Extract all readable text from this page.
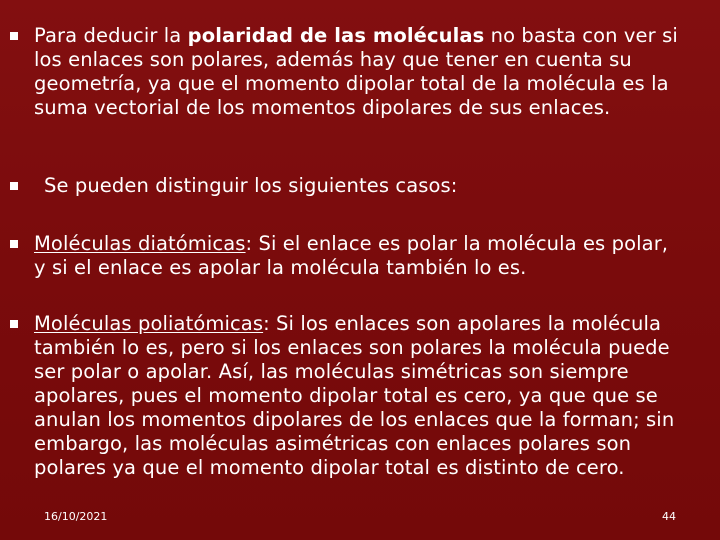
Para deducir la polaridad de las moléculas no basta con ver si los enlaces son polares, además hay que tener en cuenta su geometría, ya que el momento dipolar total de la molécula es la suma vectorial de los momentos dipolares de sus enlaces.
Se pueden distinguir los siguientes casos:
Moléculas diatómicas: Si el enlace es polar la molécula es polar, y si el enlace es apolar la molécula también lo es.
Moléculas poliatómicas: Si los enlaces son apolares la molécula también lo es, pero si los enlaces son polares la molécula puede ser polar o apolar. Así, las moléculas simétricas son siempre apolares, pues el momento dipolar total es cero, ya que que se anulan los momentos dipolares de los enlaces que la forman; sin embargo, las moléculas asimétricas con enlaces polares son polares ya que el momento dipolar total es distinto de cero.
16/10/2021	44
